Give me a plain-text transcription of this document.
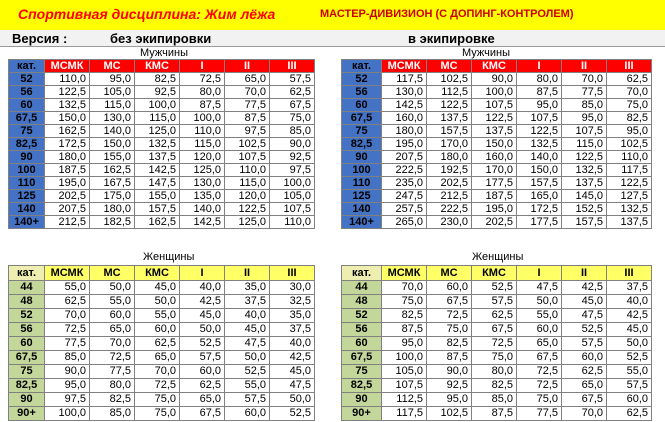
Спортивная дисциплина: Жим лёжа	МАСТЕР-ДИВИЗИОН (С ДОПИНГ-КОНТРОЛЕМ)
Версия :	без экипировки	в экипировке
Мужчины	Мужчины
кат.	МСМК	МС	КМС	I	II	III
52	110,0	95,0	82,5	72,5	65,0	57,5
56	122,5	105,0	92,5	80,0	70,0	62,5
60	132,5	115,0	100,0	87,5	77,5	67,5
67,5	150,0	130,0	115,0	100,0	87,5	75,0
75	162,5	140,0	125,0	110,0	97,5	85,0
82,5	172,5	150,0	132,5	115,0	102,5	90,0
90	180,0	155,0	137,5	120,0	107,5	92,5
100	187,5	162,5	142,5	125,0	110,0	97,5
110	195,0	167,5	147,5	130,0	115,0	100,0
125	202,5	175,0	155,0	135,0	120,0	105,0
140	207,5	180,0	157,5	140,0	122,5	107,5
140+	212,5	182,5	162,5	142,5	125,0	110,0
кат.	МСМК	МС	КМС	I	II	III
52	117,5	102,5	90,0	80,0	70,0	62,5
56	130,0	112,5	100,0	87,5	77,5	70,0
60	142,5	122,5	107,5	95,0	85,0	75,0
67,5	160,0	137,5	122,5	107,5	95,0	82,5
75	180,0	157,5	137,5	122,5	107,5	95,0
82,5	195,0	170,0	150,0	132,5	115,0	102,5
90	207,5	180,0	160,0	140,0	122,5	110,0
100	222,5	192,5	170,0	150,0	132,5	117,5
110	235,0	202,5	177,5	157,5	137,5	122,5
125	247,5	212,5	187,5	165,0	145,0	127,5
140	257,5	222,5	195,0	172,5	152,5	132,5
140+	265,0	230,0	202,5	177,5	157,5	137,5
Женщины	Женщины
кат.	МСМК	МС	КМС	I	II	III
44	55,0	50,0	45,0	40,0	35,0	30,0
48	62,5	55,0	50,0	42,5	37,5	32,5
52	70,0	60,0	55,0	45,0	40,0	35,0
56	72,5	65,0	60,0	50,0	45,0	37,5
60	77,5	70,0	62,5	52,5	47,5	40,0
67,5	85,0	72,5	65,0	57,5	50,0	42,5
75	90,0	77,5	70,0	60,0	52,5	45,0
82,5	95,0	80,0	72,5	62,5	55,0	47,5
90	97,5	82,5	75,0	65,0	57,5	50,0
90+	100,0	85,0	75,0	67,5	60,0	52,5
кат.	МСМК	МС	КМС	I	II	III
44	70,0	60,0	52,5	47,5	42,5	37,5
48	75,0	67,5	57,5	50,0	45,0	40,0
52	82,5	72,5	62,5	55,0	47,5	42,5
56	87,5	75,0	67,5	60,0	52,5	45,0
60	95,0	82,5	72,5	65,0	57,5	50,0
67,5	100,0	87,5	75,0	67,5	60,0	52,5
75	105,0	90,0	80,0	72,5	62,5	55,0
82,5	107,5	92,5	82,5	72,5	65,0	57,5
90	112,5	95,0	85,0	75,0	67,5	60,0
90+	117,5	102,5	87,5	77,5	70,0	62,5
